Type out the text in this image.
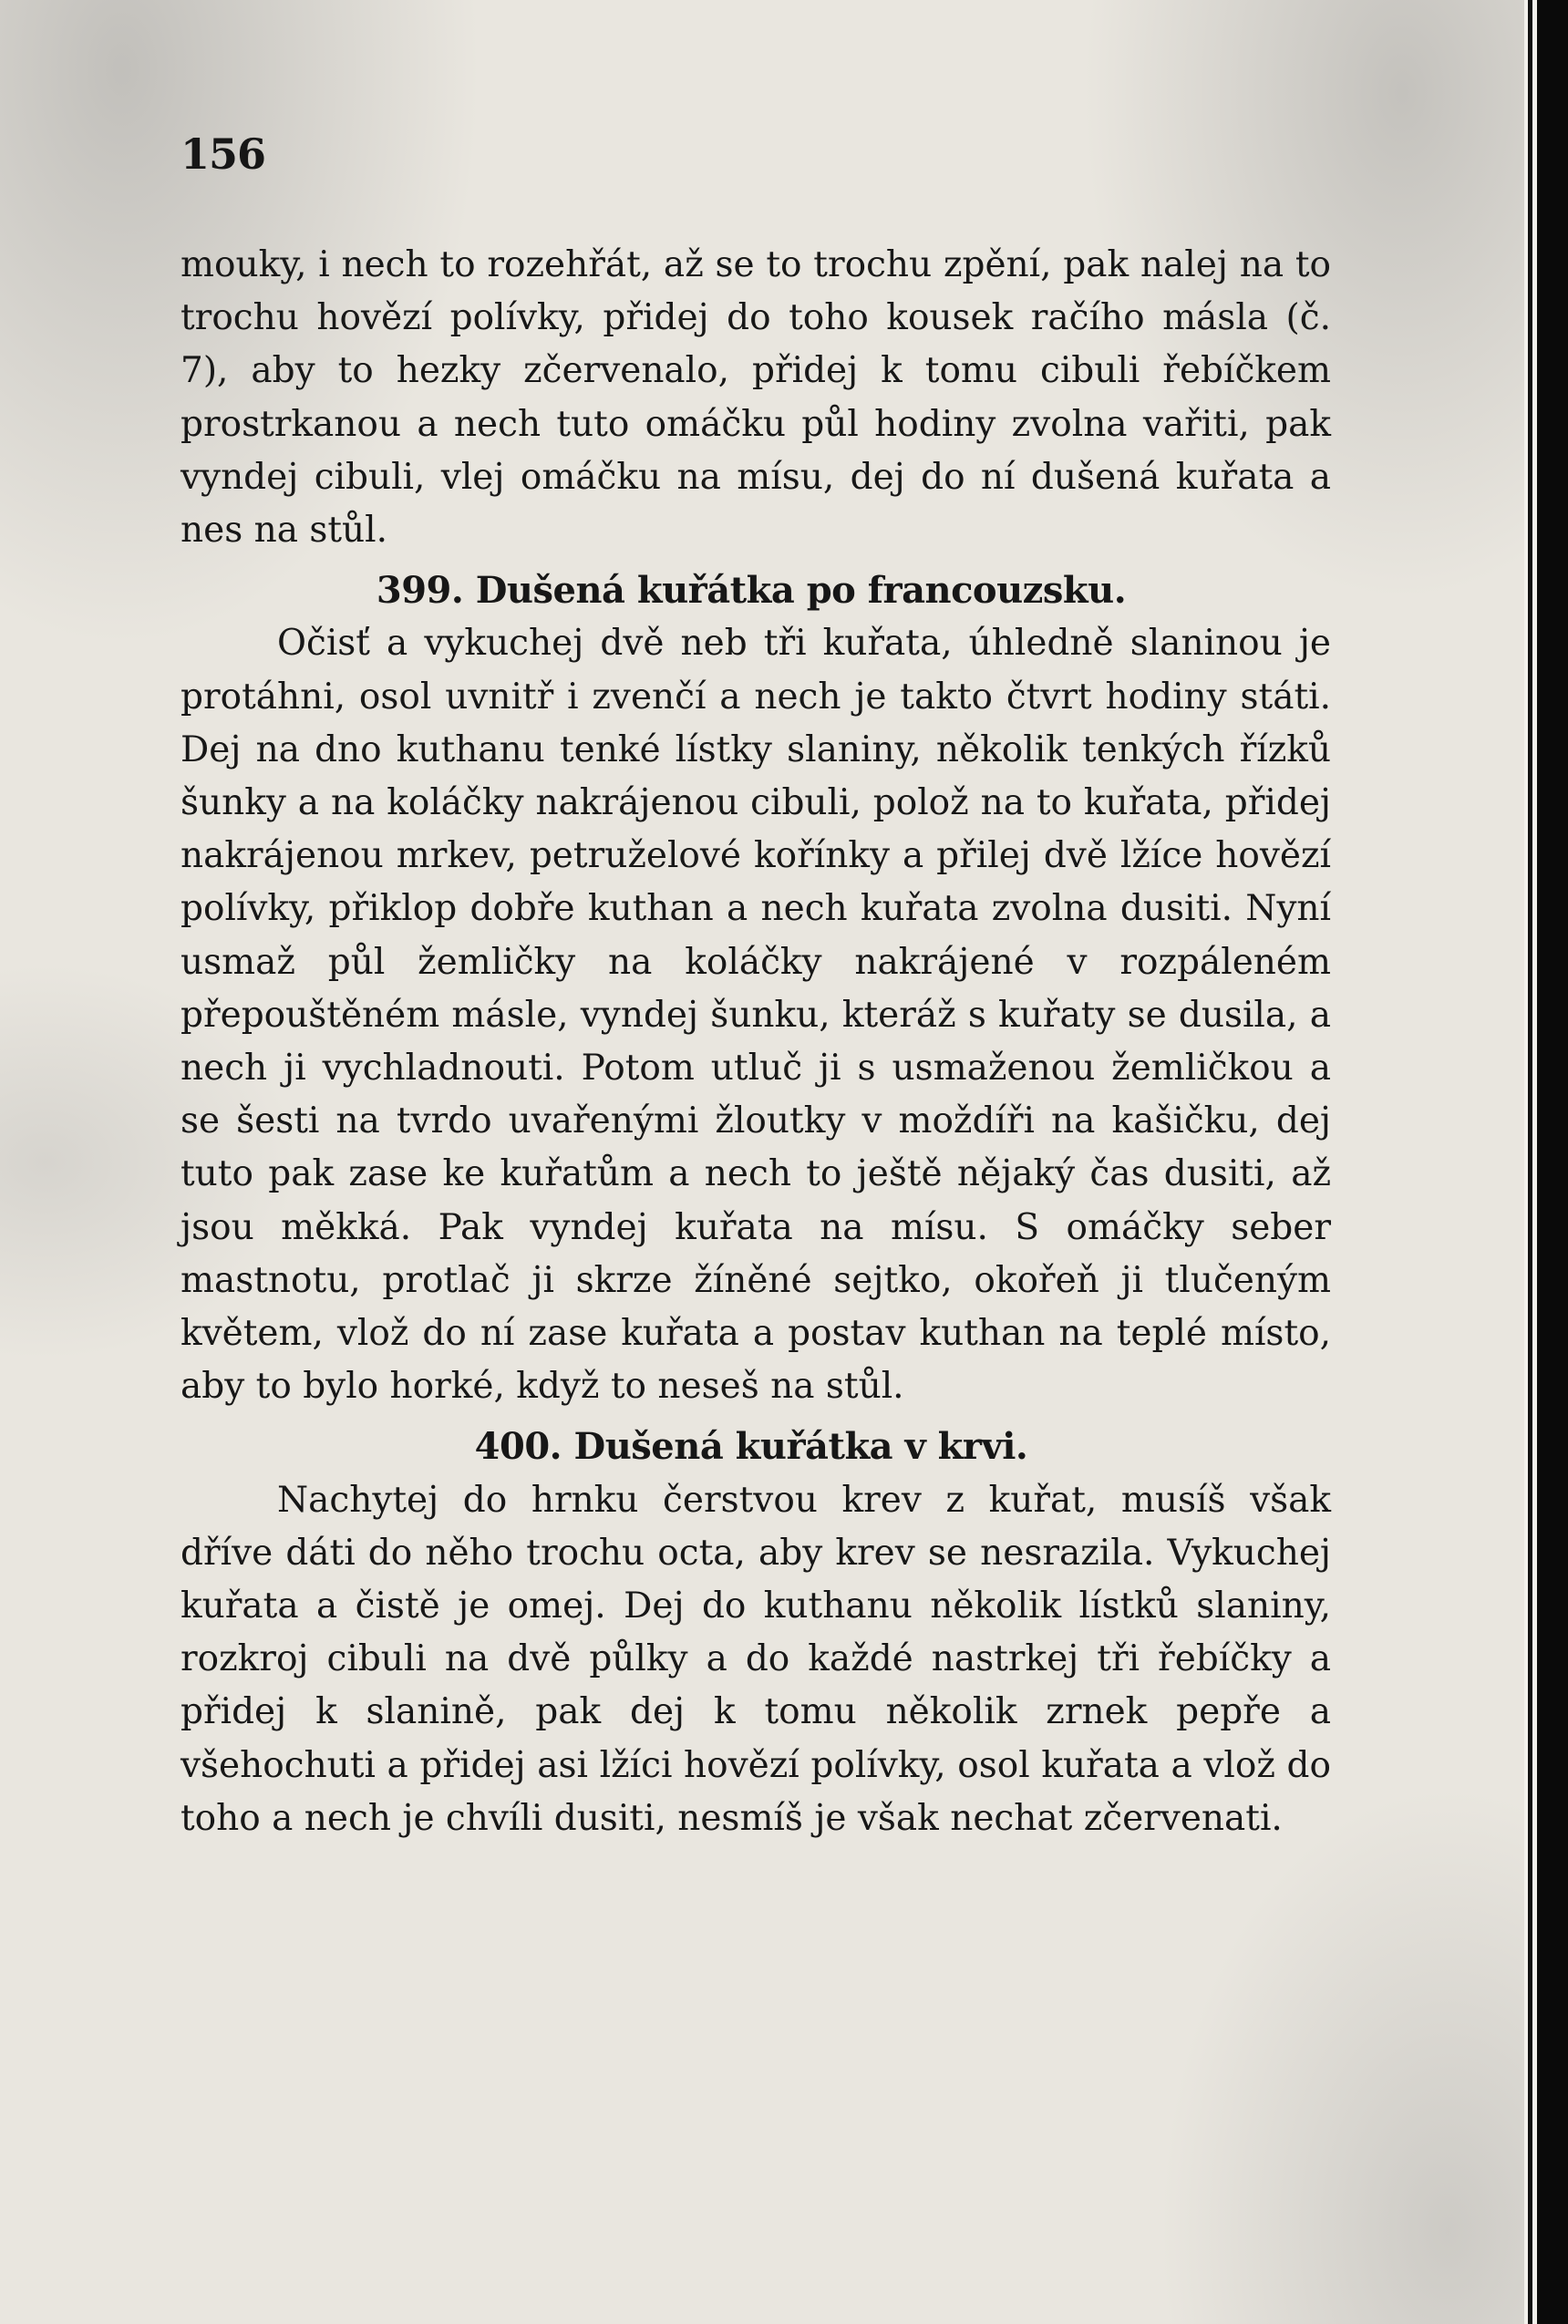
156

mouky, i nech to rozehřát, až se to trochu zpění, pak nalej na to trochu hovězí polívky, přidej do toho kousek račího másla (č. 7), aby to hezky zčervenalo, přidej k tomu cibuli řebíčkem prostrkanou a nech tuto omáčku půl hodiny zvolna vařiti, pak vyndej cibuli, vlej omáčku na mísu, dej do ní dušená kuřata a nes na stůl.

399. Dušená kuřátka po francouzsku.

Očisť a vykuchej dvě neb tři kuřata, úhledně slaninou je protáhni, osol uvnitř i zvenčí a nech je takto čtvrt hodiny státi. Dej na dno kuthanu tenké lístky slaniny, několik tenkých řízků šunky a na koláčky nakrájenou cibuli, polož na to kuřata, přidej nakrájenou mrkev, petruželové kořínky a přilej dvě lžíce hovězí polívky, přiklop dobře kuthan a nech kuřata zvolna dusiti. Nyní usmaž půl žemličky na koláčky nakrájené v rozpáleném přepouštěném másle, vyndej šunku, kteráž s kuřaty se dusila, a nech ji vychladnouti. Potom utluč ji s usmaženou žemličkou a se šesti na tvrdo uvařenými žloutky v moždíři na kašičku, dej tuto pak zase ke kuřatům a nech to ještě nějaký čas dusiti, až jsou měkká. Pak vyndej kuřata na mísu. S omáčky seber mastnotu, protlač ji skrze žíněné sejtko, okořeň ji tlučeným květem, vlož do ní zase kuřata a postav kuthan na teplé místo, aby to bylo horké, když to neseš na stůl.

400. Dušená kuřátka v krvi.

Nachytej do hrnku čerstvou krev z kuřat, musíš však dříve dáti do něho trochu octa, aby krev se nesrazila. Vykuchej kuřata a čistě je omej. Dej do kuthanu několik lístků slaniny, rozkroj cibuli na dvě půlky a do každé nastrkej tři řebíčky a přidej k slanině, pak dej k tomu několik zrnek pepře a všehochuti a přidej asi lžíci hovězí polívky, osol kuřata a vlož do toho a nech je chvíli dusiti, nesmíš je však nechat zčervenati.
